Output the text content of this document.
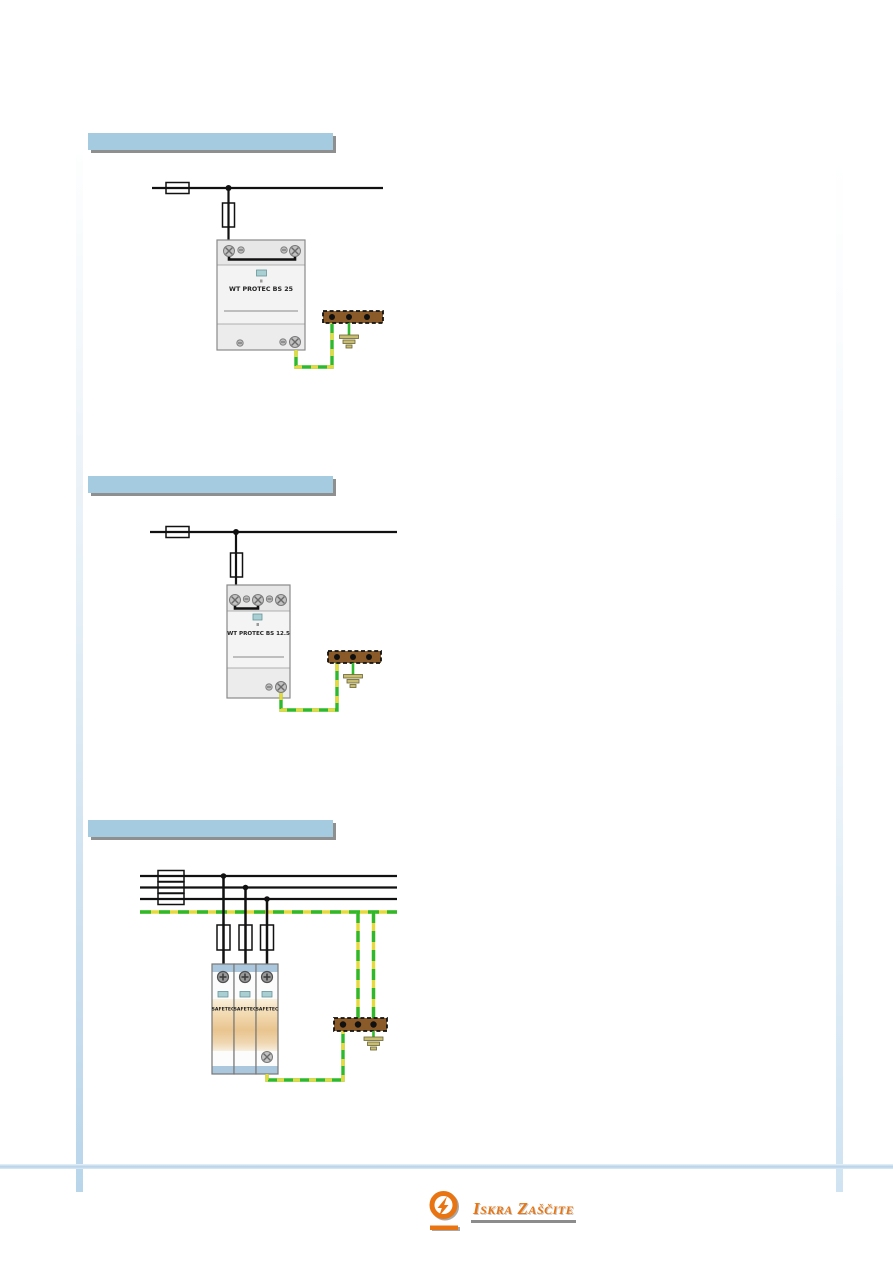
WT PROTEC BS 25
WT PROTEC BS 12.5
SAFETEC SAFETEC SAFETEC
Iskra Zaščite
